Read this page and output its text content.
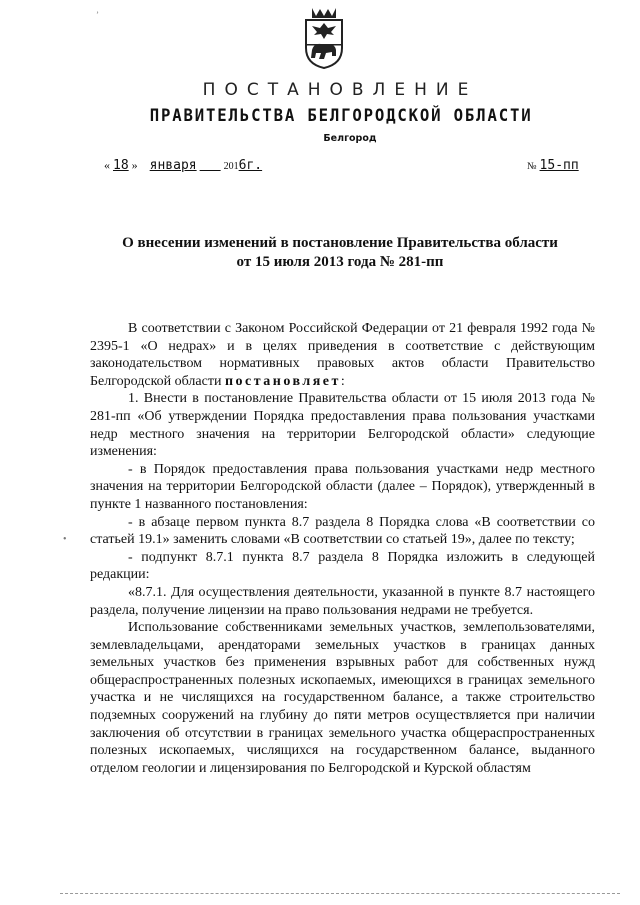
’
ПОСТАНОВЛЕНИЕ
ПРАВИТЕЛЬСТВА БЕЛГОРОДСКОЙ ОБЛАСТИ
Белгород
« 18 » января	2016г.	№ 15-пп
О внесении изменений в постановление Правительства области
от 15 июля 2013 года № 281-пп
•

В соответствии с Законом Российской Федерации от 21 февраля 1992 года № 2395-1 «О недрах» и в целях приведения в соответствие с действующим законодательством нормативных правовых актов области Правительство Белгородской области постановляет:

1. Внести в постановление Правительства области от 15 июля 2013 года № 281-пп «Об утверждении Порядка предоставления права пользования участками недр местного значения на территории Белгородской области» следующие изменения:

- в Порядок предоставления права пользования участками недр местного значения на территории Белгородской области (далее – Порядок), утвержденный в пункте 1 названного постановления:

- в абзаце первом пункта 8.7 раздела 8 Порядка слова «В соответствии со статьей 19.1» заменить словами «В соответствии со статьей 19», далее по тексту;

- подпункт 8.7.1 пункта 8.7 раздела 8 Порядка изложить в следующей редакции:

«8.7.1. Для осуществления деятельности, указанной в пункте 8.7 настоящего раздела, получение лицензии на право пользования недрами не требуется.

Использование собственниками земельных участков, землепользователями, землевладельцами, арендаторами земельных участков в границах данных земельных участков без применения взрывных работ для собственных нужд общераспространенных полезных ископаемых, имеющихся в границах земельного участка и не числящихся на государственном балансе, а также строительство подземных сооружений на глубину до пяти метров осуществляется при наличии заключения об отсутствии в границах земельного участка общераспространенных полезных ископаемых, числящихся на государственном балансе, выданного отделом геологии и лицензирования по Белгородской и Курской областям
